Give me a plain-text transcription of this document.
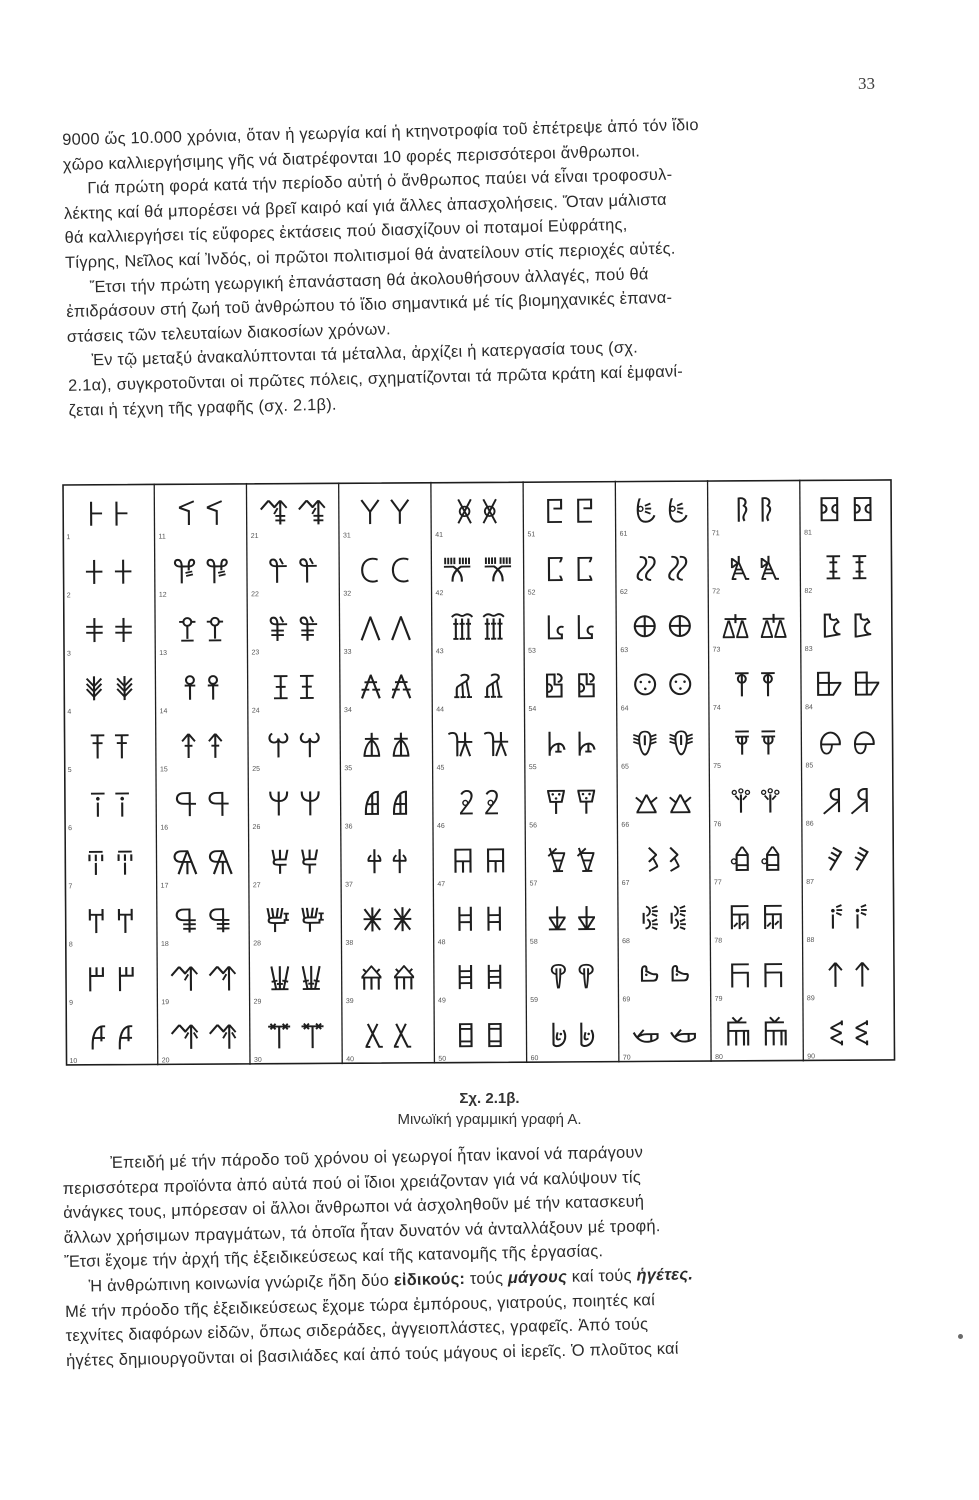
33
9000 ὥς 10.000 χρόνια, ὅταν ἡ γεωργία καί ἡ κτηνοτροφία τοῦ ἐπέτρεψε ἀπό τόν ἴδιο
χῶρο καλλιεργήσιμης γῆς νά διατρέφονται 10 φορές περισσότεροι ἄνθρωποι.
Γιά πρώτη φορά κατά τήν περίοδο αὐτή ὁ ἄνθρωπος παύει νά εἶναι τροφοσυλ-
λέκτης καί θά μπορέσει νά βρεῖ καιρό καί γιά ἄλλες ἀπασχολήσεις. Ὅταν μάλιστα
θά καλλιεργήσει τίς εὔφορες ἐκτάσεις πού διασχίζουν οἱ ποταμοί Εὐφράτης,
Τίγρης, Νεῖλος καί Ἰνδός, οἱ πρῶτοι πολιτισμοί θά ἀνατείλουν στίς περιοχές αὐτές.
Ἔτσι τήν πρώτη γεωργική ἐπανάσταση θά ἀκολουθήσουν ἀλλαγές, πού θά
ἐπιδράσουν στή ζωή τοῦ ἀνθρώπου τό ἴδιο σημαντικά μέ τίς βιομηχανικές ἐπανα-
στάσεις τῶν τελευταίων διακοσίων χρόνων.
Ἐν τῷ μεταξύ ἀνακαλύπτονται τά μέταλλα, ἀρχίζει ἡ κατεργασία τους (σχ.
2.1α), συγκροτοῦνται οἱ πρῶτες πόλεις, σχηματίζονται τά πρῶτα κράτη καί ἐμφανί-
ζεται ἡ τέχνη τῆς γραφῆς (σχ. 2.1β).
1
𐘀 𐘀
2
𐘁 𐘁
3
𐘂 𐘂
4
𐘃 𐘃
5
𐘄 𐘄
6
𐘅 𐘅
7
𐘆 𐘆
8
𐘇 𐘇
9
𐘈 𐘈
10
𐘉 𐘉
11
𐘊 𐘊
12
𐘋 𐘋
13
𐘌 𐘌
14
𐘍 𐘍
15
𐘎 𐘎
16
𐘏 𐘏
17
𐘐 𐘐
18
𐘑 𐘑
19
𐘒 𐘒
20
𐘓 𐘓
21
𐘔 𐘔
22
𐘕 𐘕
23
𐘖 𐘖
24
𐘗 𐘗
25
𐘘 𐘘
26
𐘙 𐘙
27
𐘚 𐘚
28
𐘛 𐘛
29
𐘜 𐘜
30
𐘝 𐘝
31
𐘞 𐘞
32
𐘟 𐘟
33
𐘠 𐘠
34
𐘡 𐘡
35
𐘢 𐘢
36
𐘣 𐘣
37
𐘤 𐘤
38
𐘥 𐘥
39
𐘦 𐘦
40
𐘧 𐘧
41
𐘨 𐘨
42
𐘩 𐘩
43
𐘪 𐘪
44
𐘫 𐘫
45
𐘬 𐘬
46
𐘭 𐘭
47
𐘮 𐘮
48
𐘯 𐘯
49
𐘰 𐘰
50
𐘱 𐘱
51
𐘲 𐘲
52
𐘳 𐘳
53
𐘴 𐘴
54
𐘵 𐘵
55
𐘶 𐘶
56
𐘷 𐘷
57
𐘸 𐘸
58
𐘹 𐘹
59
𐘺 𐘺
60
𐘻 𐘻
61
𐘼 𐘼
62
𐘽 𐘽
63
𐘾 𐘾
64
𐘿 𐘿
65
𐙀 𐙀
66
𐙁 𐙁
67
𐙂 𐙂
68
𐙃 𐙃
69
𐙄 𐙄
70
𐙅 𐙅
71
𐙆 𐙆
72
𐙇 𐙇
73
𐙈 𐙈
74
𐙉 𐙉
75
𐙊 𐙊
76
𐙋 𐙋
77
𐙌 𐙌
78
𐙍 𐙍
79
𐙎 𐙎
80
𐙏 𐙏
81
𐙐 𐙐
82
𐙑 𐙑
83
𐙒 𐙒
84
𐙓 𐙓
85
𐙔 𐙔
86
𐙕 𐙕
87
𐙖 𐙖
88
𐙗 𐙗
89
𐙘 𐙘
90
𐙙 𐙙
Σχ. 2.1β.
Μινωϊκή γραμμική γραφή Α.
Ἐπειδή μέ τήν πάροδο τοῦ χρόνου οἱ γεωργοί ἦταν ἱκανοί νά παράγουν
περισσότερα προϊόντα ἀπό αὐτά πού οἱ ἴδιοι χρειάζονταν γιά νά καλύψουν τίς
ἀνάγκες τους, μπόρεσαν οἱ ἄλλοι ἄνθρωποι νά ἀσχοληθοῦν μέ τήν κατασκευή
ἄλλων χρήσιμων πραγμάτων, τά ὁποῖα ἦταν δυνατόν νά ἀνταλλάξουν μέ τροφή.
Ἔτσι ἔχομε τήν ἀρχή τῆς ἐξειδικεύσεως καί τῆς κατανομῆς τῆς ἐργασίας.
Ἡ ἀνθρώπινη κοινωνία γνώριζε ἤδη δύο εἰδικούς: τούς μάγους καί τούς ἡγέτες.
Μέ τήν πρόοδο τῆς ἐξειδικεύσεως ἔχομε τώρα ἐμπόρους, γιατρούς, ποιητές καί
τεχνίτες διαφόρων εἰδῶν, ὅπως σιδεράδες, ἀγγειοπλάστες, γραφεῖς. Ἀπό τούς
ἡγέτες δημιουργοῦνται οἱ βασιλιάδες καί ἀπό τούς μάγους οἱ ἱερεῖς. Ὁ πλοῦτος καί
